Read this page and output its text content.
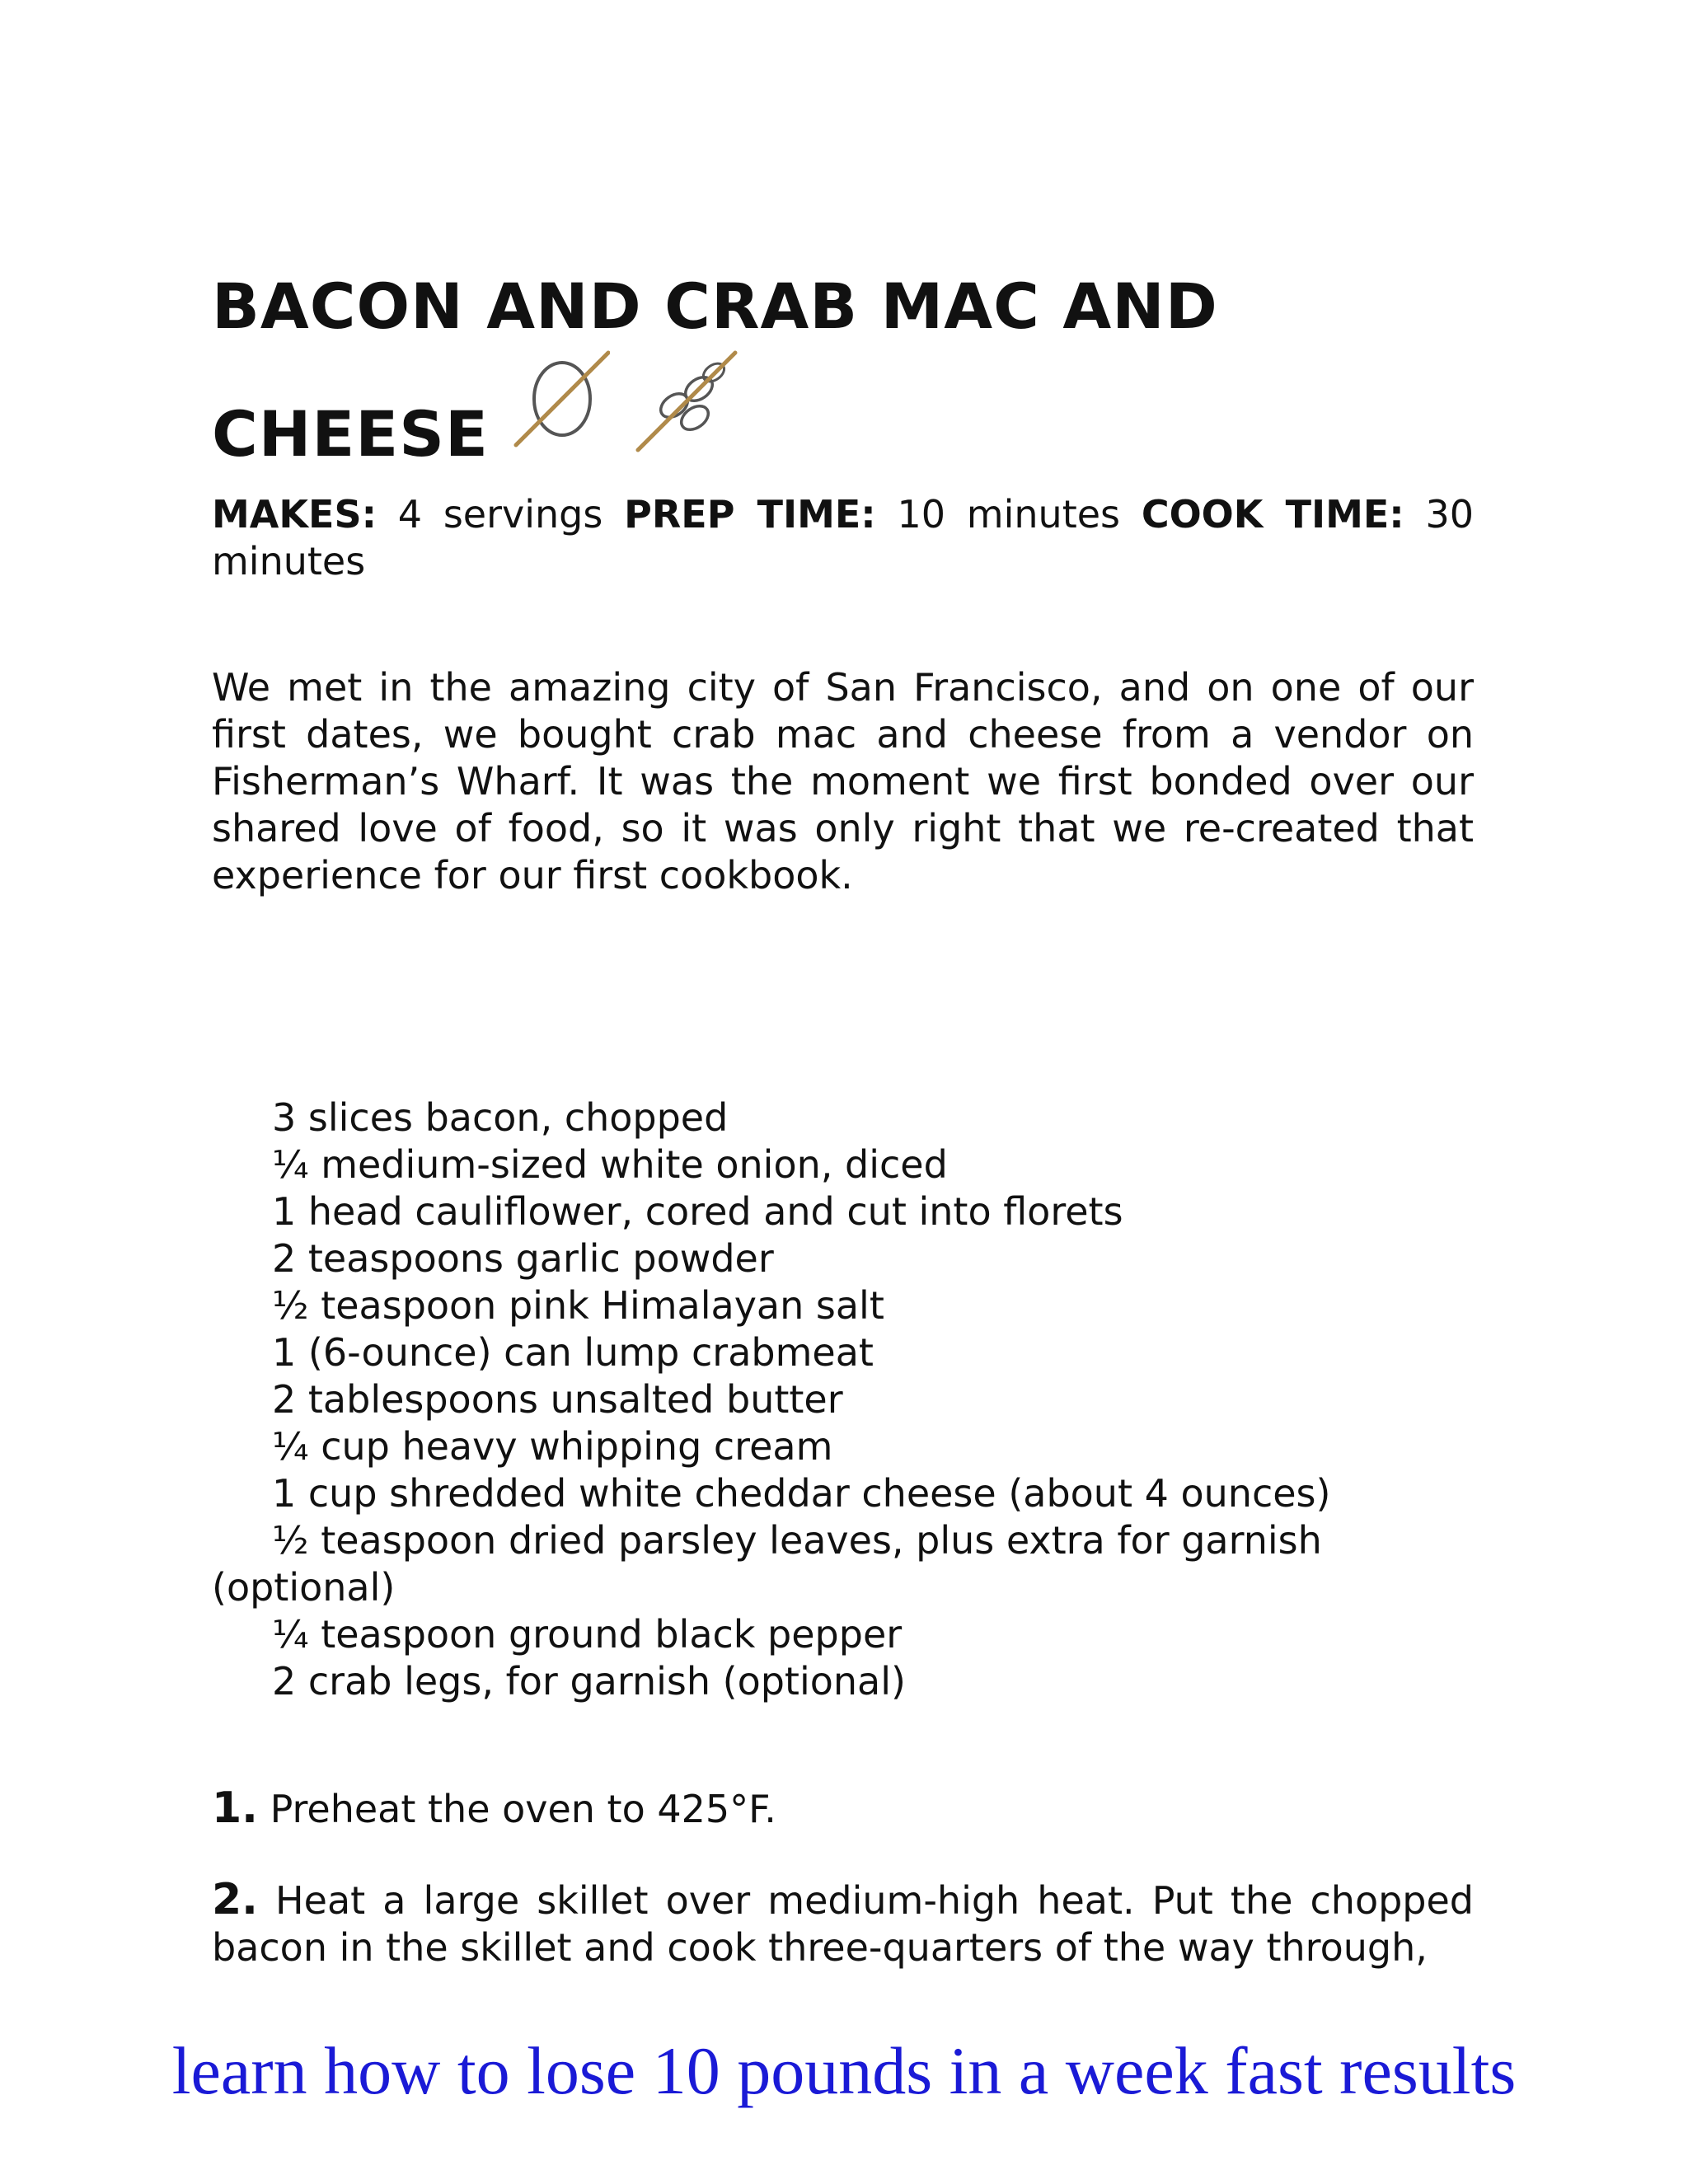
BACON AND CRAB MAC AND
CHEESE
MAKES: 4 servings PREP TIME: 10 minutes COOK TIME: 30 minutes

We met in the amazing city of San Francisco, and on one of our first dates, we bought crab mac and cheese from a vendor on Fisherman’s Wharf. It was the moment we first bonded over our shared love of food, so it was only right that we re-created that experience for our first cookbook.

3 slices bacon, chopped
¼ medium-sized white onion, diced
1 head cauliflower, cored and cut into florets
2 teaspoons garlic powder
½ teaspoon pink Himalayan salt
1 (6-ounce) can lump crabmeat
2 tablespoons unsalted butter
¼ cup heavy whipping cream
1 cup shredded white cheddar cheese (about 4 ounces)
½ teaspoon dried parsley leaves, plus extra for garnish (optional)
¼ teaspoon ground black pepper
2 crab legs, for garnish (optional)

1. Preheat the oven to 425°F.

2. Heat a large skillet over medium-high heat. Put the chopped bacon in the skillet and cook three-quarters of the way through,

learn how to lose 10 pounds in a week fast results
